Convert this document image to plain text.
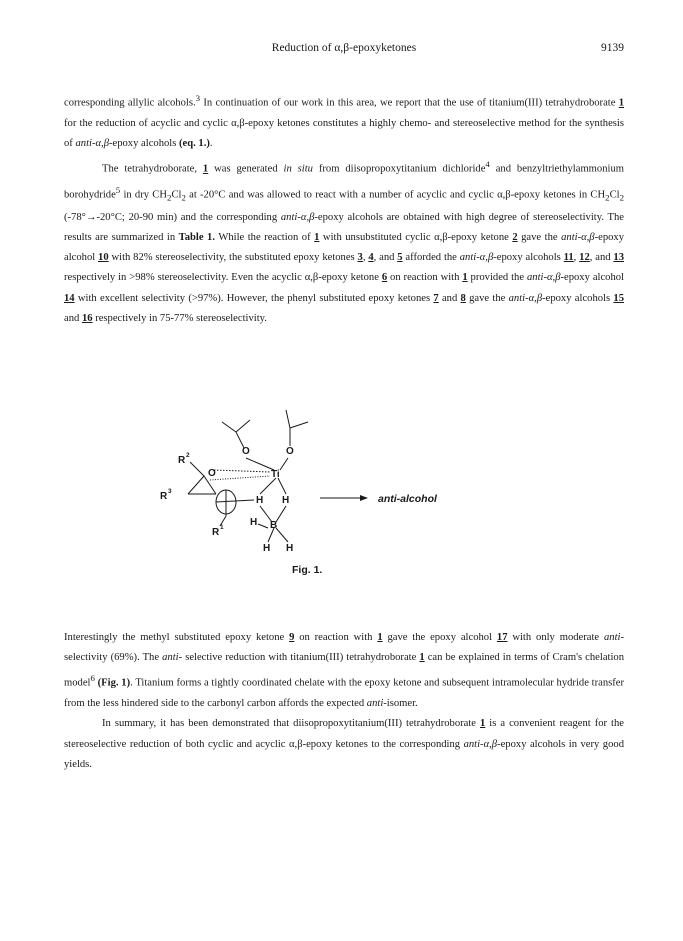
Reduction of α,β-epoxyketones	9139

corresponding allylic alcohols.$^3$ In continuation of our work in this area, we report that the use of titanium(III) tetrahydroborate 1 for the reduction of acyclic and cyclic α,β-epoxy ketones constitutes a highly chemo- and stereoselective method for the synthesis of anti-α,β-epoxy alcohols (eq. 1.).

The tetrahydroborate, 1 was generated in situ from diisopropoxytitanium dichloride$^4$ and benzyltriethylammonium borohydride$^5$ in dry $CH_2Cl_2$ at -20°C and was allowed to react with a number of acyclic and cyclic α,β-epoxy ketones in $CH_2Cl_2$ (-78°→-20°C; 20-90 min) and the corresponding anti-α,β-epoxy alcohols are obtained with high degree of stereoselectivity. The results are summarized in Table 1. While the reaction of 1 with unsubstituted cyclic α,β-epoxy ketone 2 gave the anti-α,β-epoxy alcohol 10 with 82% stereoselectivity, the substituted epoxy ketones 3, 4, and 5 afforded the anti-α,β-epoxy alcohols 11, 12, and 13 respectively in >98% stereoselectivity. Even the acyclic α,β-epoxy ketone 6 on reaction with 1 provided the anti-α,β-epoxy alcohol 14 with excellent selectivity (>97%). However, the phenyl substituted epoxy ketones 7 and 8 gave the anti-α,β-epoxy alcohols 15 and 16 respectively in 75-77% stereoselectivity.

O	O
O	Ti
R 2
R 3
R 1
H H
H B
H H
anti-alcohol
Fig. 1.

Interestingly the methyl substituted epoxy ketone 9 on reaction with 1 gave the epoxy alcohol 17 with only moderate anti- selectivity (69%). The anti- selective reduction with titanium(III) tetrahydroborate 1 can be explained in terms of Cram's chelation model$^6$ (Fig. 1). Titanium forms a tightly coordinated chelate with the epoxy ketone and subsequent intramolecular hydride transfer from the less hindered side to the carbonyl carbon affords the expected anti-isomer.

In summary, it has been demonstrated that diisopropoxytitanium(III) tetrahydroborate 1 is a convenient reagent for the stereoselective reduction of both cyclic and acyclic α,β-epoxy ketones to the corresponding anti-α,β-epoxy alcohols in very good yields.
